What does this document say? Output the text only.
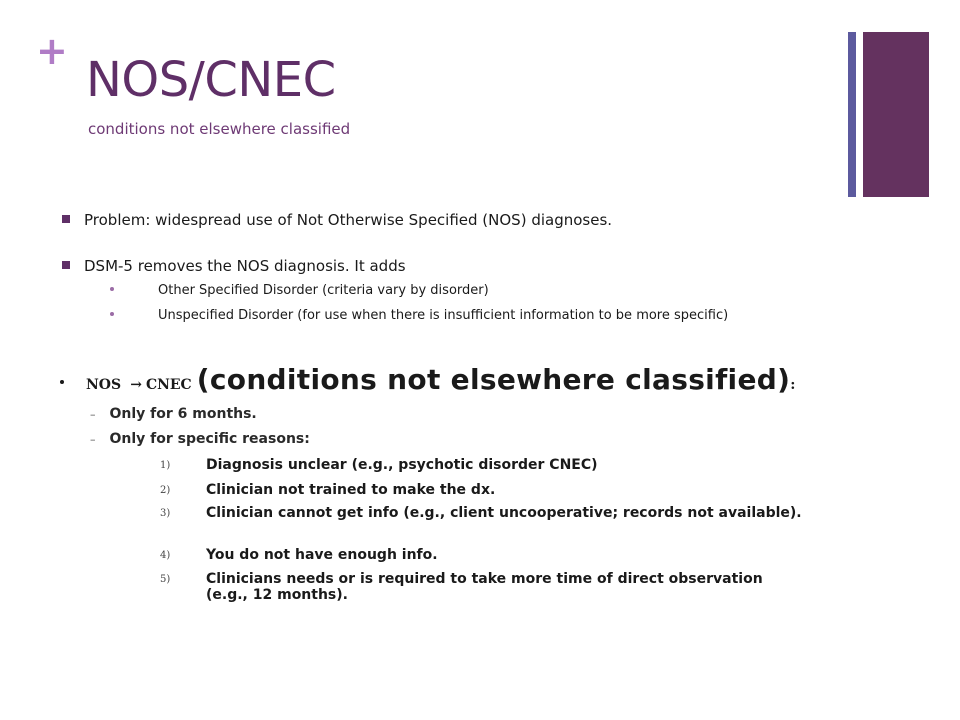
+
NOS/CNEC
conditions not elsewhere classified
Problem: widespread use of Not Otherwise Specified (NOS) diagnoses.
DSM-5 removes the NOS diagnosis. It adds
Other Specified Disorder (criteria vary by disorder)
Unspecified Disorder (for use when there is insufficient information to be more specific)
NOS → CNEC (conditions not elsewhere classified):
– Only for 6 months.
– Only for specific reasons:
1)	Diagnosis unclear (e.g., psychotic disorder CNEC)
2)	Clinician not trained to make the dx.
3)	Clinician cannot get info (e.g., client uncooperative; records not available).
4)	You do not have enough info.
5)	Clinicians needs or is required to take more time of direct observation (e.g., 12 months).
